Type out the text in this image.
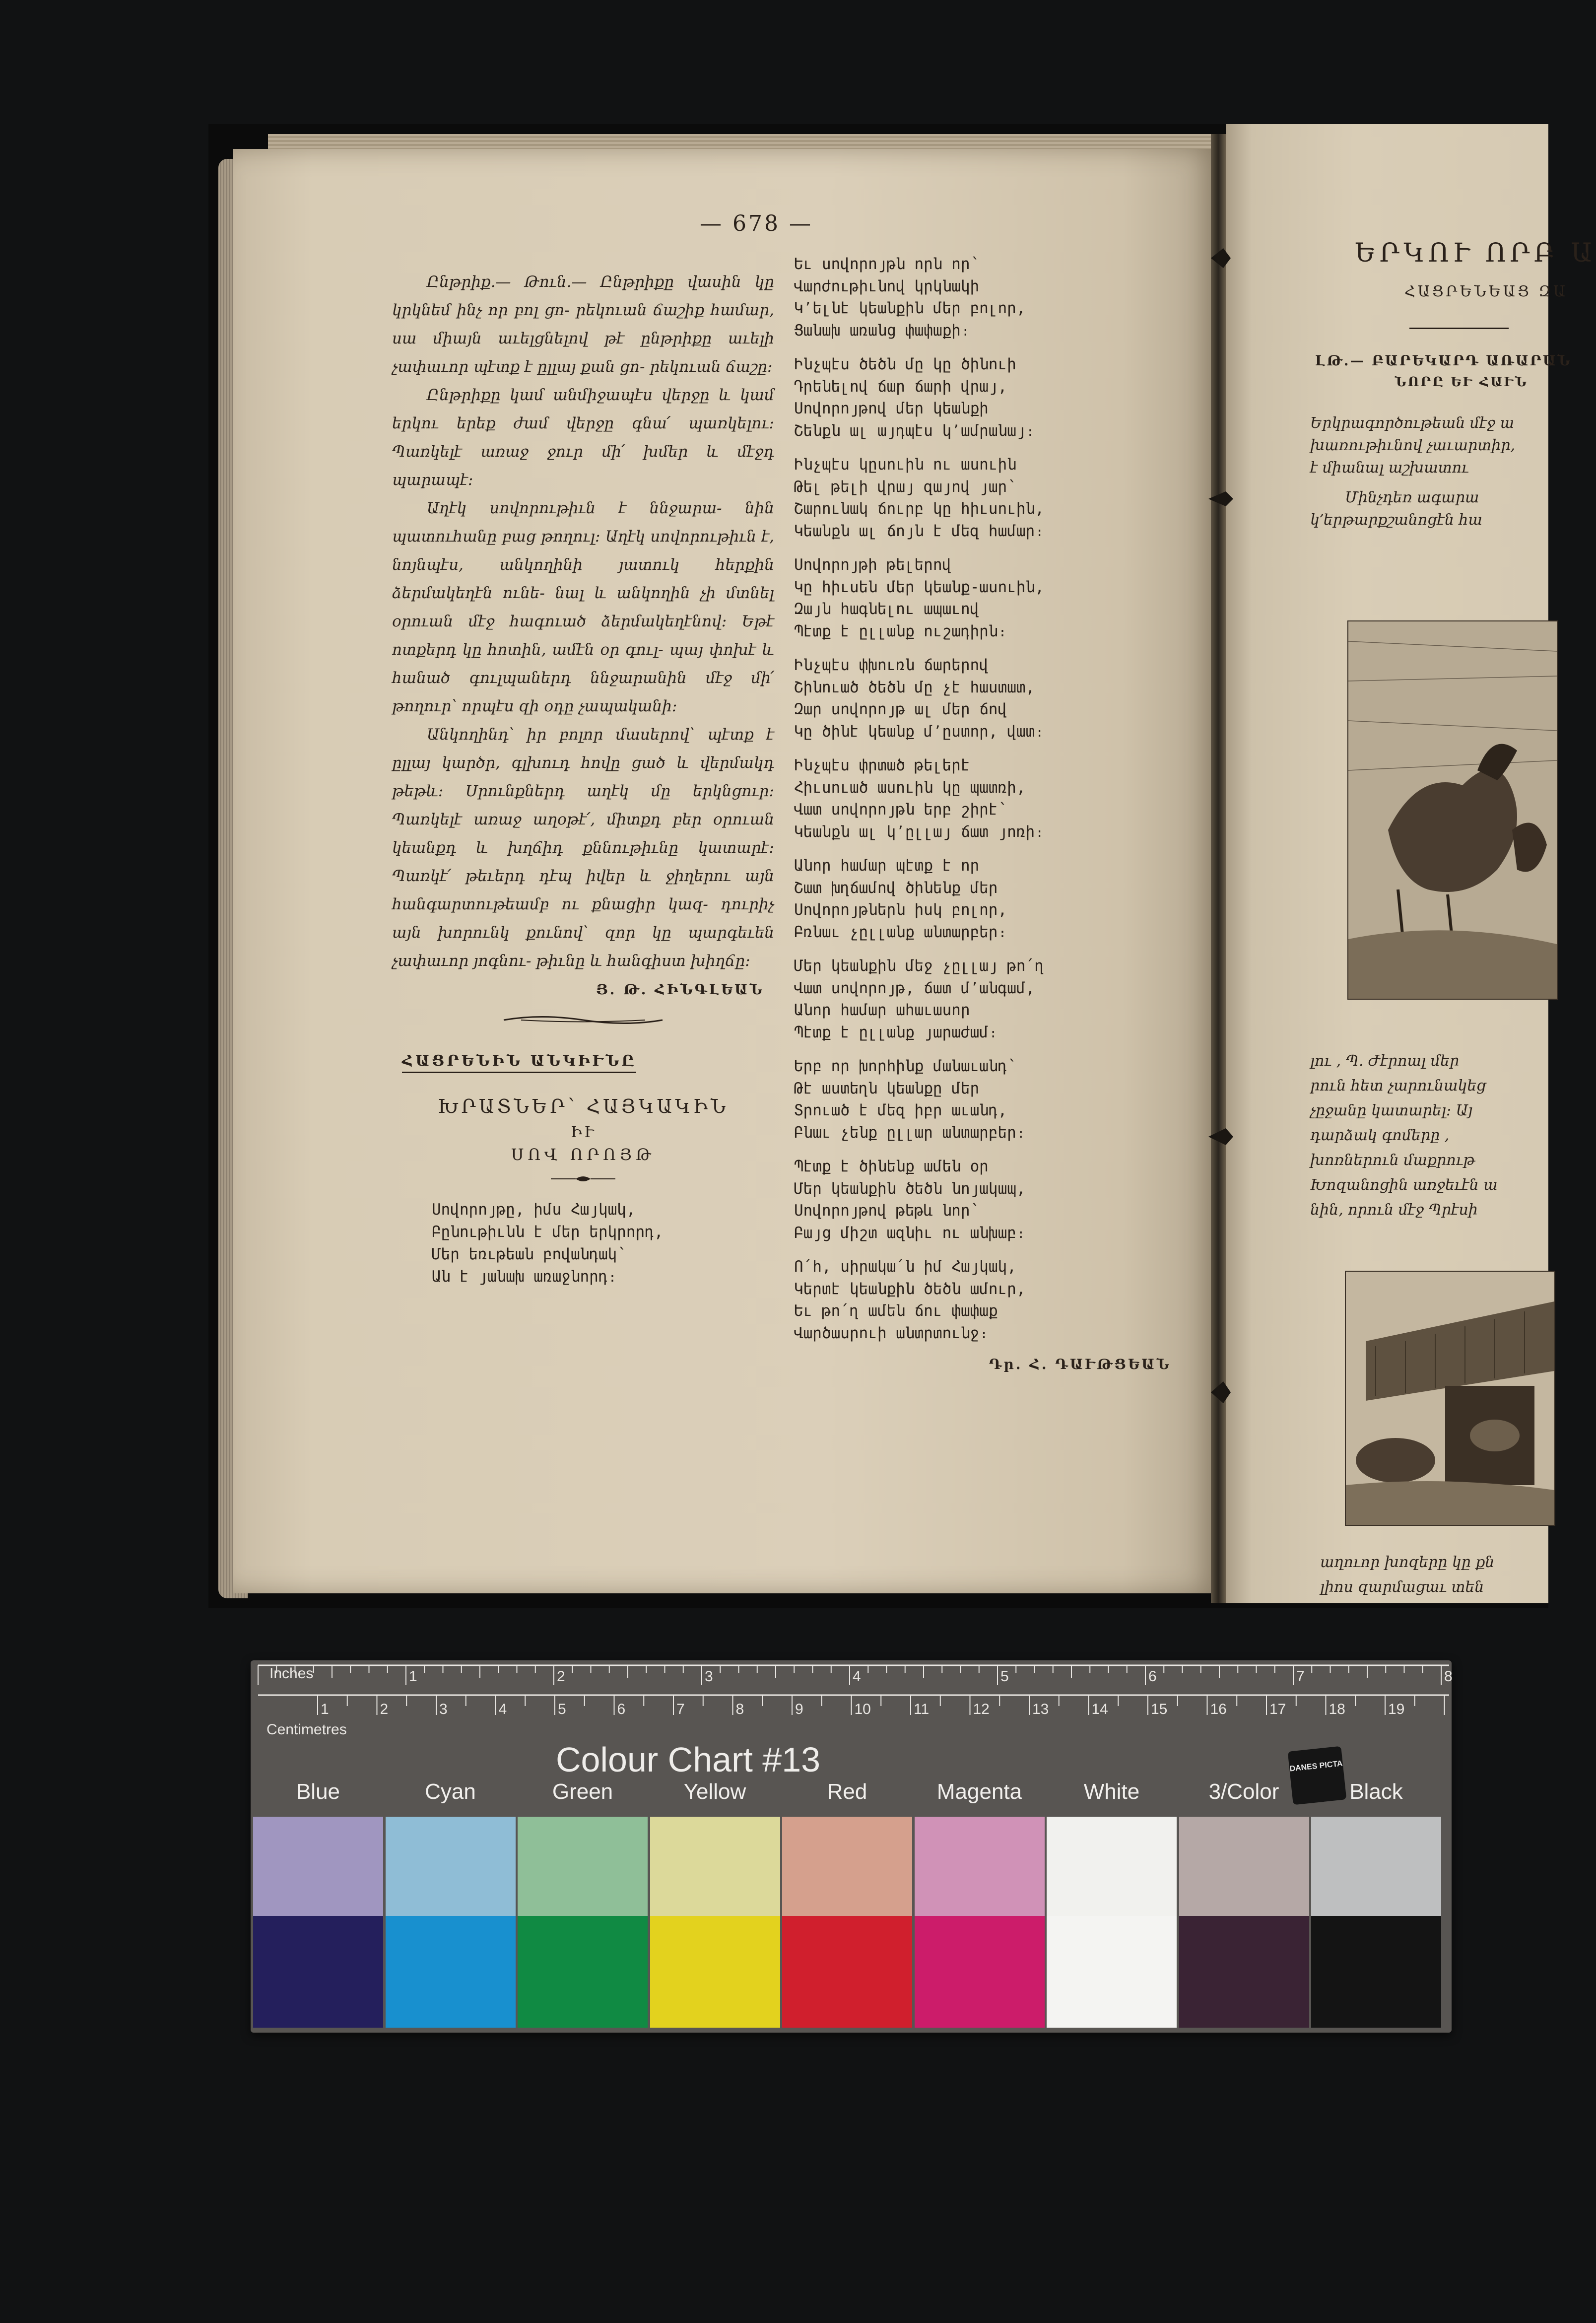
— 678 —

Ընթրիք.— Թուն.— Ընթրիքը վասին կը կրկնեմ ինչ որ բոլ ցո- րեկուան ճաշիք համար, սա միայն աւելցնելով թէ ընթրիքը աւելի չափաւոր պէտք է ըլլայ քան ցո- րեկուան ճաշը։

Ընթրիքը կամ անմիջապէս վերջը և կամ երկու երեք ժամ վերջը գնա՛ պառկելու։ Պառկելէ առաջ ջուր մի՛ խմեր և մէջդ պարապէ։

Աղէկ սովորութիւն է ննջարա- նին պատուհանը բաց թողուլ։ Աղէկ սովորութիւն է, նոյնպէս, անկողինի յատուկ հերքին ձերմակեղէն ունե- նալ և անկողին չի մտնել օրուան մէջ հագուած ձերմակեղէնով։ Եթէ ոտքերդ կը հոտին, ամէն օր գուլ- պայ փոխէ և հանած գուլպաներդ ննջարանին մէջ մի՛ թողուր՝ որպէս զի օդը չապականի։

Անկողինդ՝ իր բոլոր մասերով՝ պէտք է ըլլայ կարծր, գլխուդ հովը ցած և վերմակդ թեթև։ Սրունքներդ աղէկ մը երկնցուր։ Պառկելէ առաջ աղօթէ՛, միտքդ բեր օրուան կեանքդ և խղճիդ քննութիւնը կատարէ։ Պառկէ՛ թեւերդ դէպ իվեր և ջիղերու այն հանգարտութեամբ ու քնացիր կազ- դուրիչ այն խորունկ քունով՝ զոր կը պարգեւեն չափաւոր յոգնու- թիւնը և հանգիստ խիղճը։

Յ. Թ. ՀԻՆԳԼԵԱՆ
ՀԱՑՐԵՆԻՆ ԱՆԿԻՒՆԸ

ԽՐԱՏՆԵՐ՝ ՀԱՅԿԱԿԻՆ

ԻՒ

ՍՈՎ ՈՐՈՅԹ

Սովորոյթը, իմս Հայկակ,
Բընութիւնն է մեր երկրորդ,
Մեր եռւթեան բովանդակ՝
Ան է յանախ առաջնորդ։
Եւ սովորոյթն որն որ՝
Վարժութիւնով կրկնակի
Կ՚ելնէ կեանքին մեր բոլոր,
Ցանախ առանց փափաքի։
Ինչպէս ծեծն մը կը ծինուի
Դրենելով ճար ճարի վրայ,
Սովորոյթով մեր կեանքի
Շենքն ալ այդպէս կ՚ամրանայ։
Ինչպէս կըսուին ու ասուին
Թել թելի վրայ զայով յար՝
Շարունակ ճուրբ կը հիւսուին,
Կեանքն ալ ճոյն է մեզ համար։
Սովորոյթի թելերով
Կը հիւսեն մեր կեանք-ասուին,
Զայն հագնելու ապաւով
Պէտք է ըլլանք ուշադիրն։
Ինչպէս փխուռն ճարերով
Շինուած ծեծն մը չէ հաստատ,
Զար սովորոյթ ալ մեր ճով
Կը ծինէ կեանք մ՚ըստոր, վատ։
Ինչպէս փրտած թելերէ
Հիւսուած ասուին կը պատռի,
Վատ սովորոյթն երբ շիրէ՝
Կեանքն ալ կ՚ըլլայ ճատ յոռի։
Անոր համար պէտք է որ
Շատ խղճամով ծինենք մեր
Սովորոյթներն իսկ բոլոր,
Բռնաւ չըլլանք անտարբեր։
Մեր կեանքին մեջ չըլլայ թո՛ղ
Վատ սովորոյթ, ճատ մ՚անգամ,
Անոր համար ահաւասոր
Պէտք է ըլլանք յարաժամ։
Երբ որ խորհինք մանաւանդ՝
Թէ աստեղն կեանքը մեր
Տրուած է մեզ իբր աւանդ,
Բնաւ չենք ըլլար անտարբեր։
Պէտք է ծինենք ամեն օր
Մեր կեանքին ծեծն նոյակապ,
Սովորոյթով թեթև նոր՝
Բայց միշտ ազնիւ ու անխաբ։
Ո՛հ, սիրակա՛ն իմ Հայկակ,
Կերտէ կեանքին ծեծն ամուր,
Եւ թո՛ղ ամեն ճու փափաք
Վարծասրուի անտրտունջ։
Դր. Հ. ԴԱՒԹՑԵԱՆ
ԵՐԿՈՒ ՈՐԲ Ա
ՀԱՑՐԵՆԵԱՑ ԶԱ
ԼԹ.— ԲԱՐԵԿԱՐԴ ԱՌԱՐԱՆ
ՆՈՐԸ ԵՒ ՀԱՒՆ
Երկրագործութեան մէջ ա
խառութիւնով չաւարտիր,
է միանալ աշխատու
Մինչդեռ ագարա
կ՚երթարքշանոցէն հա
լու , Պ. Ժէրոալ մեր
րուն հետ չարունակեց
չըջանը կատարել։ Այ
դարձակ գոմերը ,
խոռներուն մաքրութ
Խոզանոցին առջեւէն ա
նին, որուն մէջ Պրէսի
աղուոր խոզերը կը քն
լիոս զարմացաւ տեն
1	2	3	4	5	6	7	8
1	2	3	4	5	6	7	8	9	10	11	12	13	14	15	16	17	18	19
Inches
Centimetres
Colour Chart #13	DANES PICTA
Blue	Cyan	Green	Yellow	Red	Magenta	White	3/Color	Black
